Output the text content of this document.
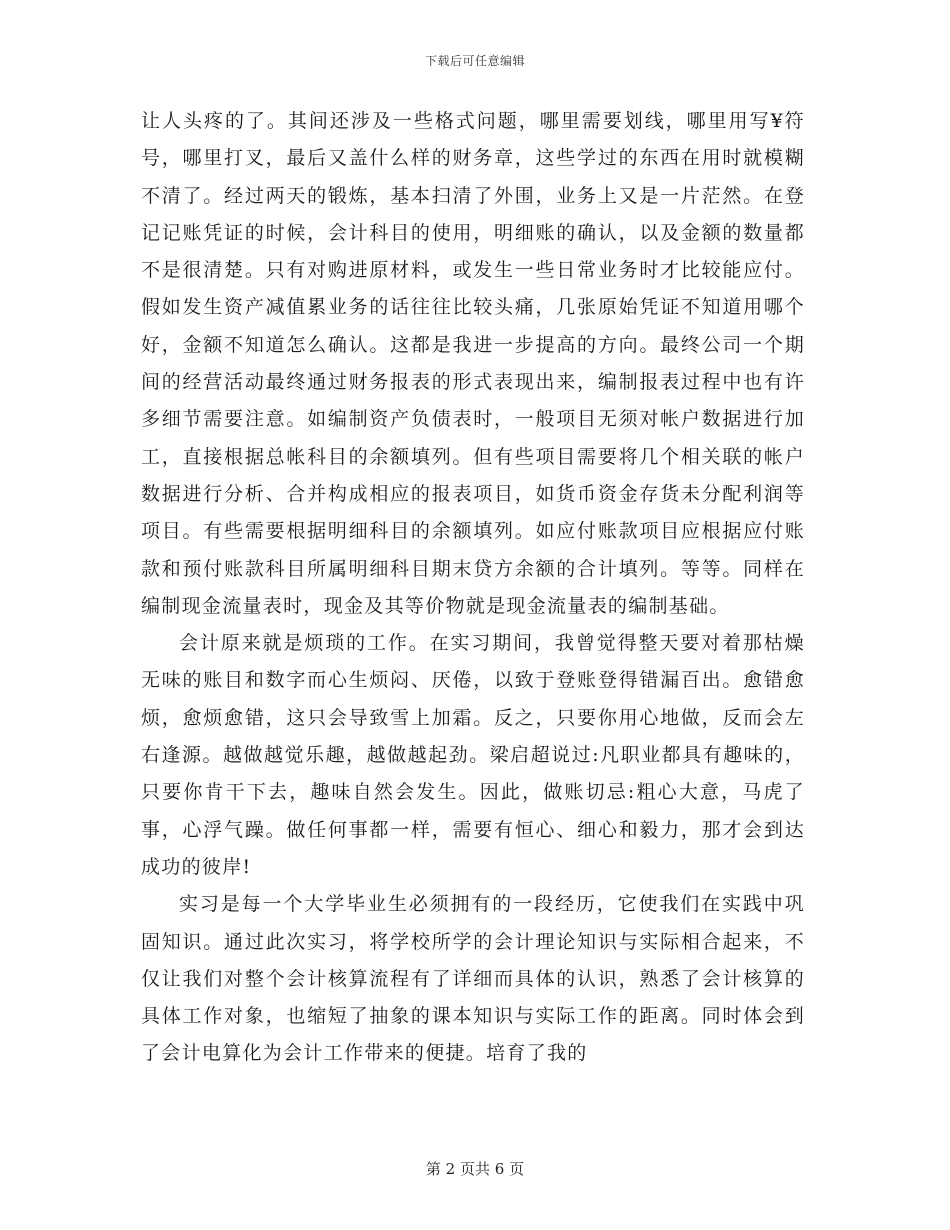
下载后可任意编辑

让人头疼的了。其间还涉及一些格式问题，哪里需要划线，哪里用写¥符号，哪里打叉，最后又盖什么样的财务章，这些学过的东西在用时就模糊不清了。经过两天的锻炼，基本扫清了外围，业务上又是一片茫然。在登记记账凭证的时候，会计科目的使用，明细账的确认，以及金额的数量都不是很清楚。只有对购进原材料，或发生一些日常业务时才比较能应付。假如发生资产减值累业务的话往往比较头痛，几张原始凭证不知道用哪个好，金额不知道怎么确认。这都是我进一步提高的方向。最终公司一个期间的经营活动最终通过财务报表的形式表现出来，编制报表过程中也有许多细节需要注意。如编制资产负债表时，一般项目无须对帐户数据进行加工，直接根据总帐科目的余额填列。但有些项目需要将几个相关联的帐户数据进行分析、合并构成相应的报表项目，如货币资金存货未分配利润等项目。有些需要根据明细科目的余额填列。如应付账款项目应根据应付账款和预付账款科目所属明细科目期末贷方余额的合计填列。等等。同样在编制现金流量表时，现金及其等价物就是现金流量表的编制基础。

会计原来就是烦琐的工作。在实习期间，我曾觉得整天要对着那枯燥无味的账目和数字而心生烦闷、厌倦，以致于登账登得错漏百出。愈错愈烦，愈烦愈错，这只会导致雪上加霜。反之，只要你用心地做，反而会左右逢源。越做越觉乐趣，越做越起劲。梁启超说过:凡职业都具有趣味的，只要你肯干下去，趣味自然会发生。因此，做账切忌:粗心大意，马虎了事，心浮气躁。做任何事都一样，需要有恒心、细心和毅力，那才会到达成功的彼岸!

实习是每一个大学毕业生必须拥有的一段经历，它使我们在实践中巩固知识。通过此次实习，将学校所学的会计理论知识与实际相合起来，不仅让我们对整个会计核算流程有了详细而具体的认识，熟悉了会计核算的具体工作对象，也缩短了抽象的课本知识与实际工作的距离。同时体会到了会计电算化为会计工作带来的便捷。培育了我的

第 2 页共 6 页
